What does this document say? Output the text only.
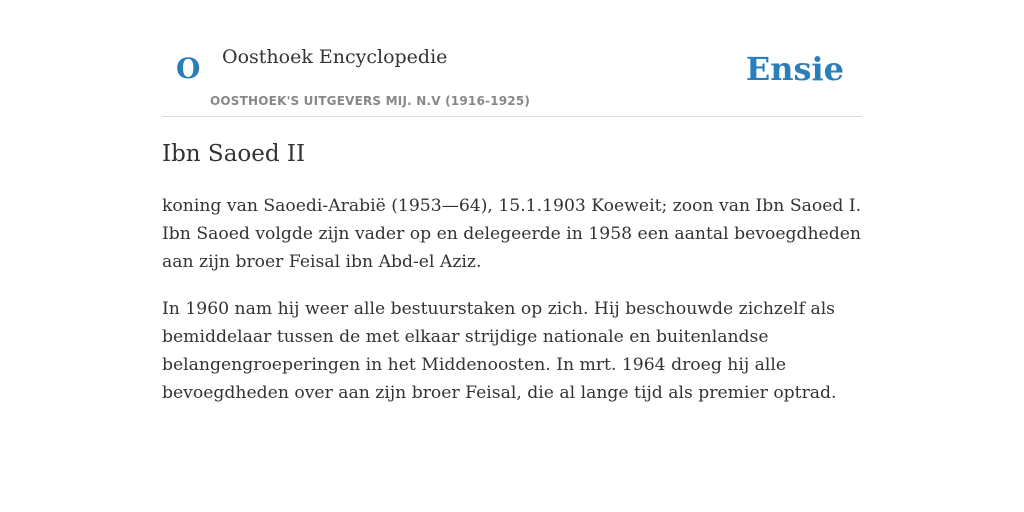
O Oosthoek Encyclopedie
OOSTHOEK'S UITGEVERS MIJ. N.V (1916-1925)
Ensie
Ibn Saoed II

koning van Saoedi-Arabië (1953—64), 15.1.1903 Koeweit; zoon van Ibn Saoed I. Ibn Saoed volgde zijn vader op en delegeerde in 1958 een aantal bevoegdheden aan zijn broer Feisal ibn Abd-el Aziz.

In 1960 nam hij weer alle bestuurstaken op zich. Hij beschouwde zichzelf als bemiddelaar tussen de met elkaar strijdige nationale en buitenlandse belangengroeperingen in het Middenoosten. In mrt. 1964 droeg hij alle bevoegdheden over aan zijn broer Feisal, die al lange tijd als premier optrad.
